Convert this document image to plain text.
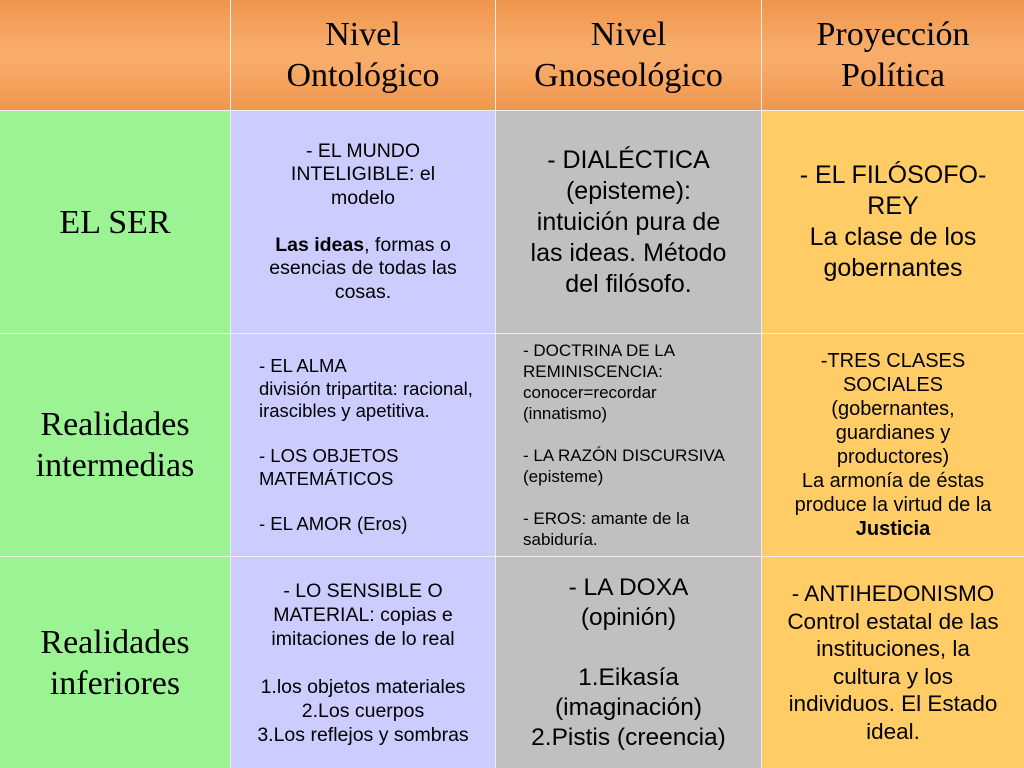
Nivel
Ontológico
Nivel
Gnoseológico
Proyección
Política
EL SER

- EL MUNDO INTELIGIBLE: el modelo

Las ideas, formas o esencias de todas las cosas.

- DIALÉCTICA (episteme): intuición pura de las ideas. Método del filósofo.

- EL FILÓSOFO-REY

La clase de los gobernantes

Realidades intermedias

- EL ALMA

división tripartita: racional, irascibles y apetitiva.

- LOS OBJETOS MATEMÁTICOS

- EL AMOR (Eros)

- DOCTRINA DE LA REMINISCENCIA: conocer=recordar (innatismo)

- LA RAZÓN DISCURSIVA (episteme)

- EROS: amante de la sabiduría.

-TRES CLASES SOCIALES (gobernantes, guardianes y productores)

La armonía de éstas produce la virtud de la Justicia

Realidades inferiores

- LO SENSIBLE O MATERIAL: copias e imitaciones de lo real

1.los objetos materiales

2.Los cuerpos

3.Los reflejos y sombras

- LA DOXA (opinión)

1.Eikasía (imaginación)

2.Pistis (creencia)

- ANTIHEDONISMO

Control estatal de las instituciones, la cultura y los individuos. El Estado ideal.
